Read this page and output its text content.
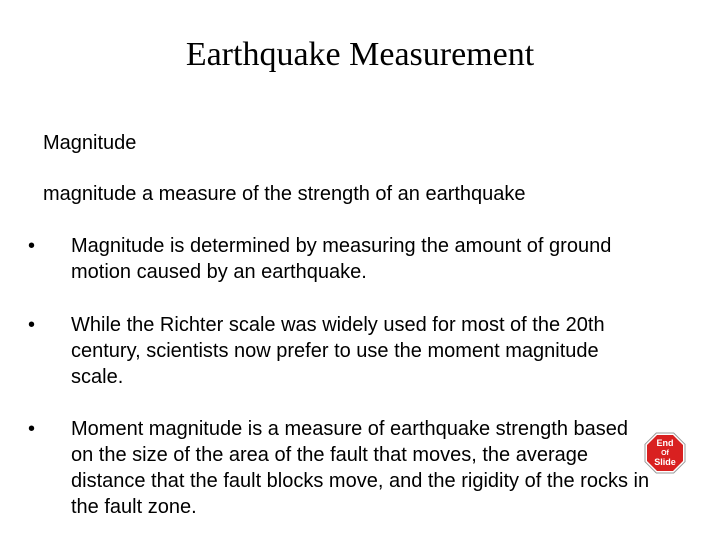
Earthquake Measurement
Magnitude
magnitude a measure of the strength of an earthquake
• Magnitude is determined by measuring the amount of ground motion caused by an earthquake.
• While the Richter scale was widely used for most of the 20th century, scientists now prefer to use the moment magnitude scale.
• Moment magnitude is a measure of earthquake strength based on the size of the area of the fault that moves, the average distance that the fault blocks move, and the rigidity of the rocks in the fault zone.
End
Of
Slide
